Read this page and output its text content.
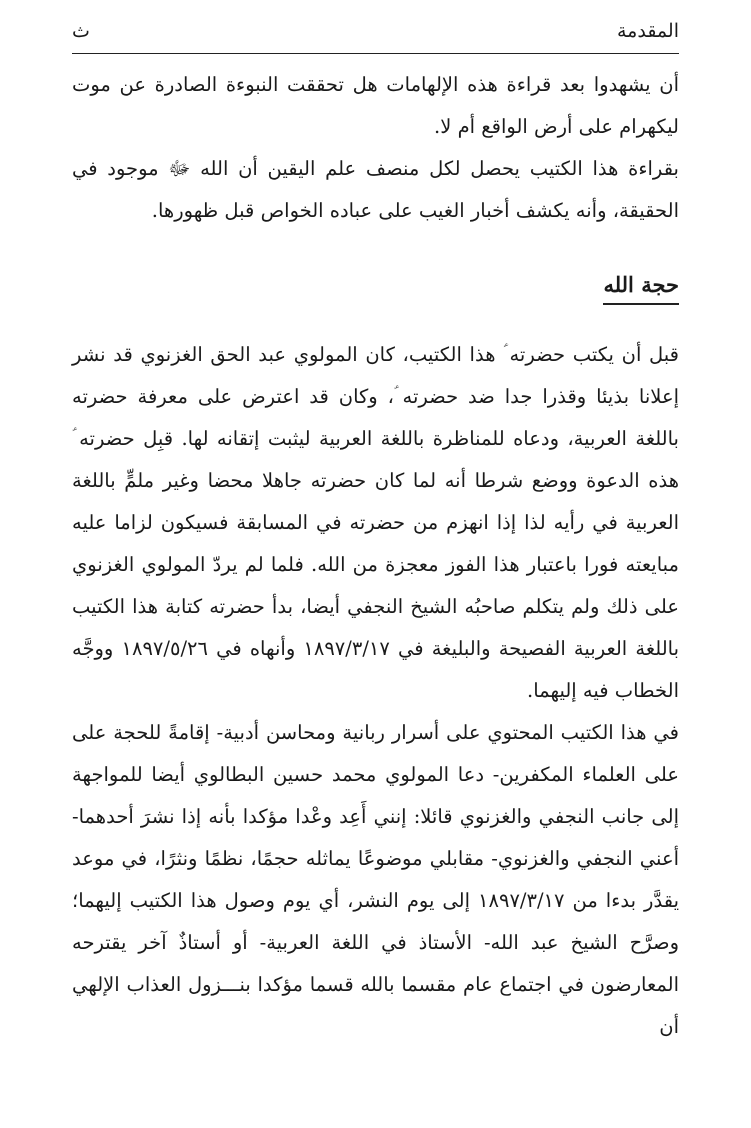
المقدمة
ث

أن يشهدوا بعد قراءة هذه الإلهامات هل تحققت النبوءة الصادرة عن موت ليكهرام على أرض الواقع أم لا.

بقراءة هذا الكتيب يحصل لكل منصف علم اليقين أن الله ﷻ موجود في الحقيقة، وأنه يكشف أخبار الغيب على عباده الخواص قبل ظهورها.

حجة الله

قبل أن يكتب حضرته ؑ هذا الكتيب، كان المولوي عبد الحق الغزنوي قد نشر إعلانا بذيئا وقذرا جدا ضد حضرته ؑ، وكان قد اعترض على معرفة حضرته باللغة العربية، ودعاه للمناظرة باللغة العربية ليثبت إتقانه لها. قبِل حضرته ؑ هذه الدعوة ووضع شرطا أنه لما كان حضرته جاهلا محضا وغير ملمٍّ باللغة العربية في رأيه لذا إذا انهزم من حضرته في المسابقة فسيكون لزاما عليه مبايعته فورا باعتبار هذا الفوز معجزة من الله. فلما لم يردّ المولوي الغزنوي على ذلك ولم يتكلم صاحبُه الشيخ النجفي أيضا، بدأ حضرته كتابة هذا الكتيب باللغة العربية الفصيحة والبليغة في ١٨٩٧/٣/١٧ وأنهاه في ١٨٩٧/٥/٢٦ ووجَّه الخطاب فيه إليهما.

في هذا الكتيب المحتوي على أسرار ربانية ومحاسن أدبية- إقامةً للحجة على على العلماء المكفرين- دعا المولوي محمد حسين البطالوي أيضا للمواجهة إلى جانب النجفي والغزنوي قائلا: إنني أَعِد وعْدا مؤكدا بأنه إذا نشرَ أحدهما- أعني النجفي والغزنوي- مقابلي موضوعًا يماثله حجمًا، نظمًا ونثرًا، في موعد يقدَّر بدءا من ١٨٩٧/٣/١٧ إلى يوم النشر، أي يوم وصول هذا الكتيب إليهما؛ وصرَّح الشيخ عبد الله- الأستاذ في اللغة العربية- أو أستاذٌ آخر يقترحه المعارضون في اجتماع عام مقسما بالله قسما مؤكدا بنـــزول العذاب الإلهي أن
